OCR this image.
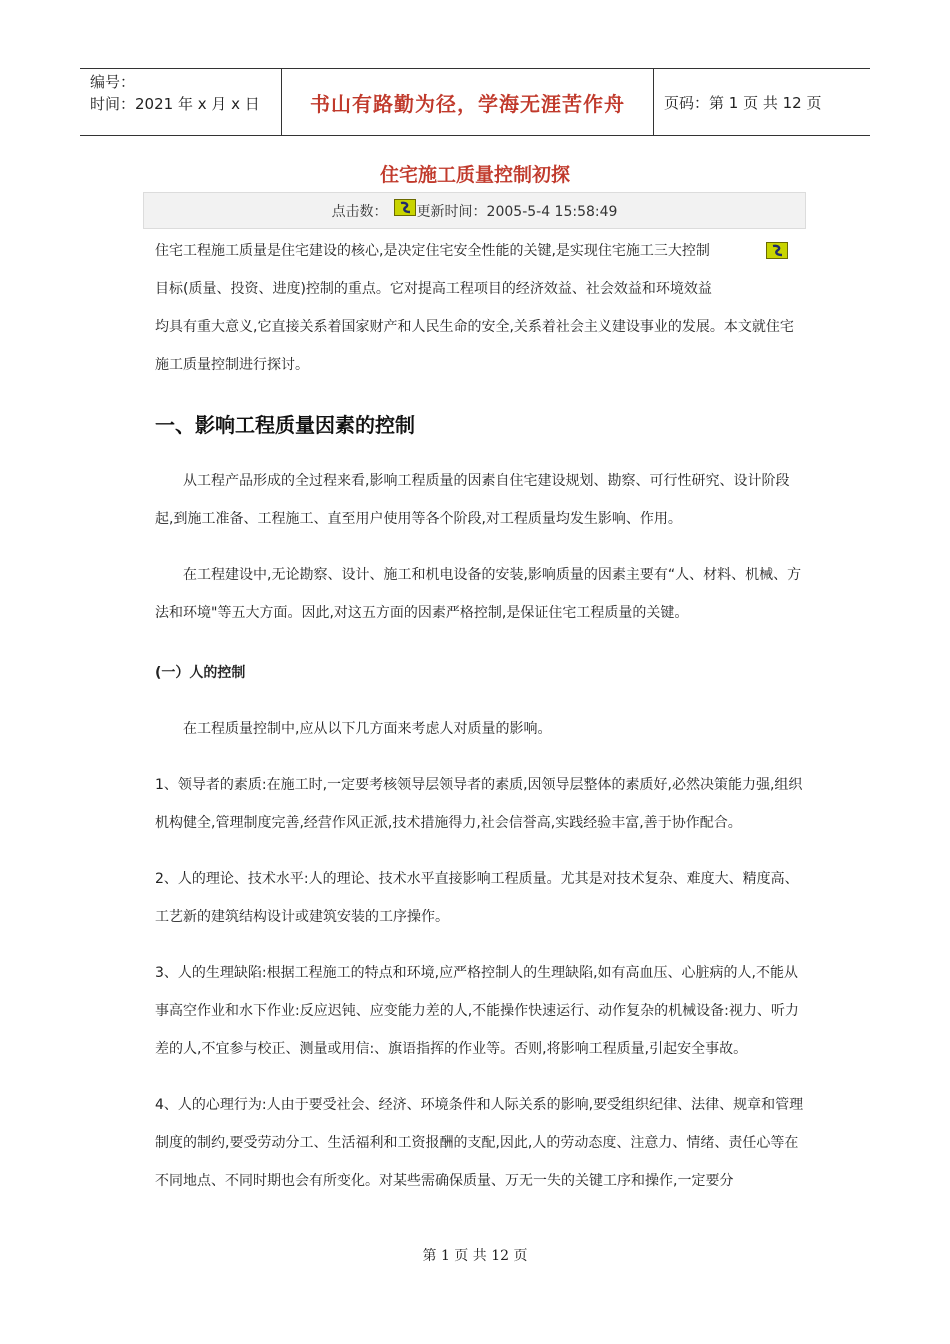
编号：
时间：2021 年 x 月 x 日	书山有路勤为径，学海无涯苦作舟	页码：第 1 页 共 12 页
住宅施工质量控制初探
点击数： 更新时间：2005-5-4 15:58:49

住宅工程施工质量是住宅建设的核心,是决定住宅安全性能的关键,是实现住宅施工三大控制

目标(质量、投资、进度)控制的重点。它对提高工程项目的经济效益、社会效益和环境效益

均具有重大意义,它直接关系着国家财产和人民生命的安全,关系着社会主义建设事业的发展。本文就住宅施工质量控制进行探讨。

一、影响工程质量因素的控制

从工程产品形成的全过程来看,影响工程质量的因素自住宅建设规划、勘察、可行性研究、设计阶段起,到施工准备、工程施工、直至用户使用等各个阶段,对工程质量均发生影响、作用。

在工程建设中,无论勘察、设计、施工和机电设备的安装,影响质量的因素主要有“人、材料、机械、方法和环境"等五大方面。因此,对这五方面的因素严格控制,是保证住宅工程质量的关键。

(一）人的控制

在工程质量控制中,应从以下几方面来考虑人对质量的影响。

1、领导者的素质:在施工时,一定要考核领导层领导者的素质,因领导层整体的素质好,必然决策能力强,组织机构健全,管理制度完善,经营作风正派,技术措施得力,社会信誉高,实践经验丰富,善于协作配合。

2、人的理论、技术水平:人的理论、技术水平直接影响工程质量。尤其是对技术复杂、难度大、精度高、工艺新的建筑结构设计或建筑安装的工序操作。

3、人的生理缺陷:根据工程施工的特点和环境,应严格控制人的生理缺陷,如有高血压、心脏病的人,不能从事高空作业和水下作业:反应迟钝、应变能力差的人,不能操作快速运行、动作复杂的机械设备:视力、听力差的人,不宜参与校正、测量或用信:、旗语指挥的作业等。否则,将影响工程质量,引起安全事故。

4、人的心理行为:人由于要受社会、经济、环境条件和人际关系的影响,要受组织纪律、法律、规章和管理制度的制约,要受劳动分工、生活福利和工资报酬的支配,因此,人的劳动态度、注意力、情绪、责任心等在不同地点、不同时期也会有所变化。对某些需确保质量、万无一失的关键工序和操作,一定要分

第 1 页 共 12 页
